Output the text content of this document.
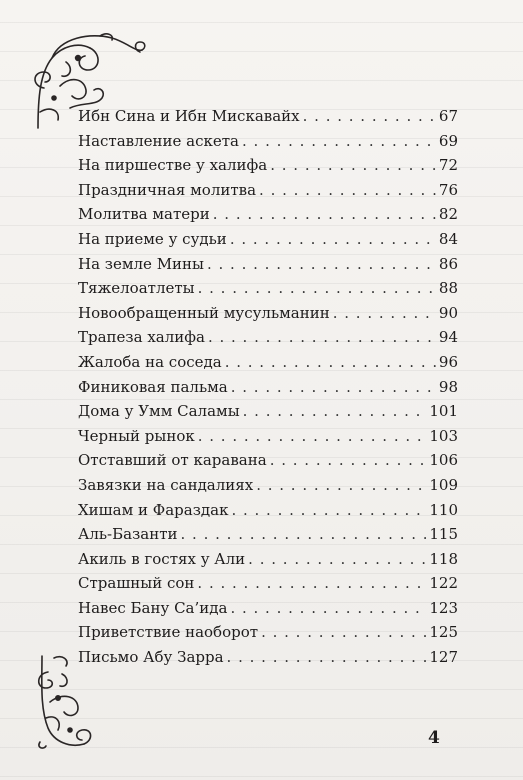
Ибн Сина и Ибн Мискавайх . . .	67
Наставление аскета . . .	69
На пиршестве у халифа . . .	72
Праздничная молитва . . .	76
Молитва матери . . .	82
На приеме у судьи . . .	84
На земле Мины . . .	86
Тяжелоатлеты . . .	88
Новообращенный мусульманин . . .	90
Трапеза халифа . . .	94
Жалоба на соседа . . .	96
Финиковая пальма . . .	98
Дома у Умм Саламы . . .	101
Черный рынок . . .	103
Отставший от каравана . . .	106
Завязки на сандалиях . . .	109
Хишам и Фараздак . . .	110
Аль-Базанти . . .	115
Акиль в гостях у Али . . .	118
Страшный сон . . .	122
Навес Бану Са’ида . . .	123
Приветствие наоборот . . .	125
Письмо Абу Зарра . . .	127
4
